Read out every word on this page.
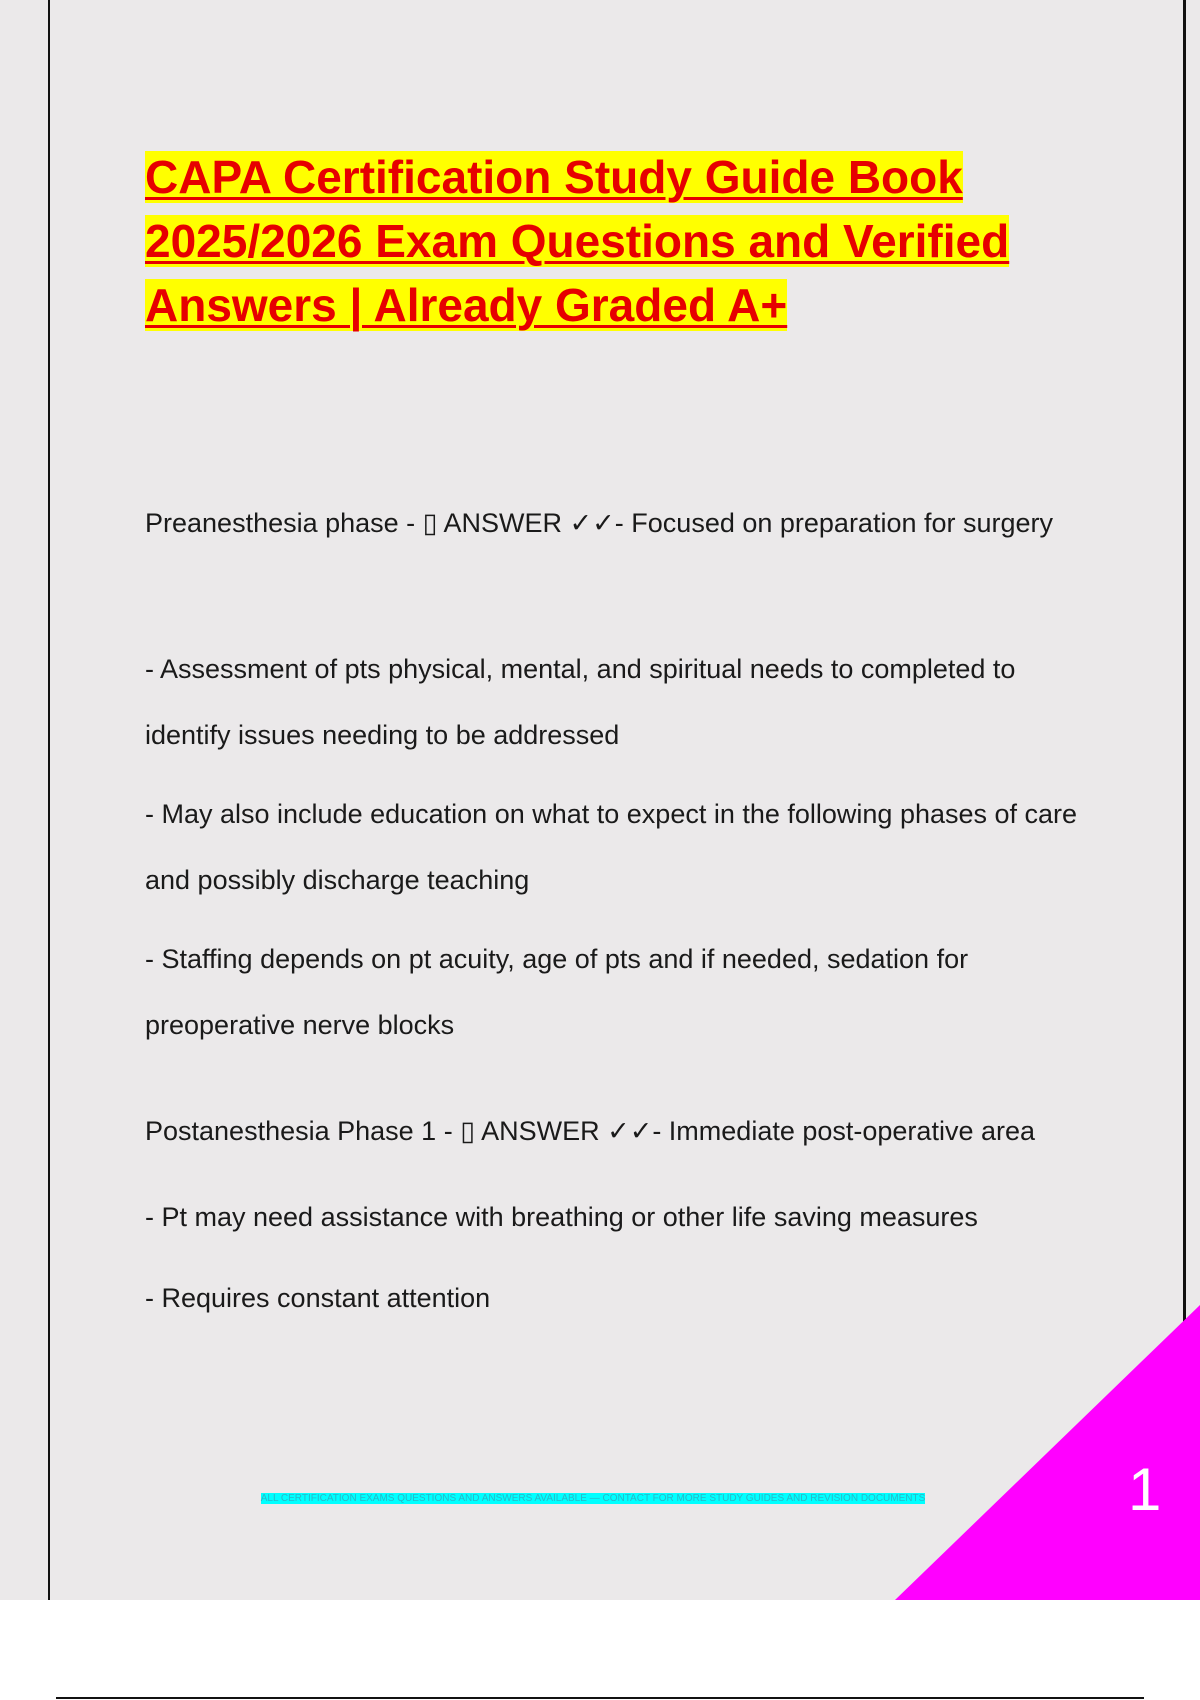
CAPA Certification Study Guide Book 2025/2026 Exam Questions and Verified Answers | Already Graded A+

Preanesthesia phase - ▯ ANSWER ✓✓- Focused on preparation for surgery

- Assessment of pts physical, mental, and spiritual needs to completed to identify issues needing to be addressed

- May also include education on what to expect in the following phases of care and possibly discharge teaching

- Staffing depends on pt acuity, age of pts and if needed, sedation for preoperative nerve blocks

Postanesthesia Phase 1 - ▯ ANSWER ✓✓- Immediate post-operative area

- Pt may need assistance with breathing or other life saving measures

- Requires constant attention

ALL CERTIFICATION EXAMS QUESTIONS AND ANSWERS AVAILABLE — CONTACT FOR MORE STUDY GUIDES AND REVISION DOCUMENTS	1
